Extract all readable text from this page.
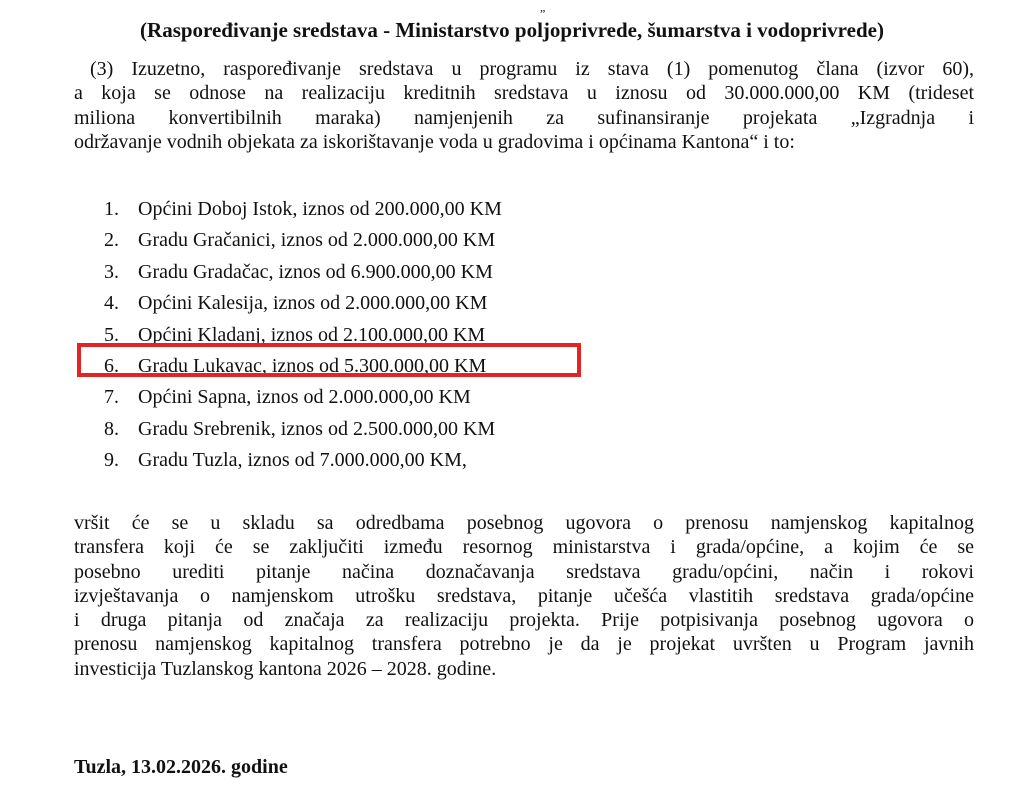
„
(Raspoređivanje sredstava - Ministarstvo poljoprivrede, šumarstva i vodoprivrede)
(3) Izuzetno, raspoređivanje sredstava u programu iz stava (1) pomenutog člana (izvor 60),
a koja se odnose na realizaciju kreditnih sredstava u iznosu od 30.000.000,00 KM (trideset
miliona konvertibilnih maraka) namjenjenih za sufinansiranje projekata „Izgradnja i
održavanje vodnih objekata za iskorištavanje voda u gradovima i općinama Kantona“ i to:
1. Općini Doboj Istok, iznos od 200.000,00 KM
2. Gradu Gračanici, iznos od 2.000.000,00 KM
3. Gradu Gradačac, iznos od 6.900.000,00 KM
4. Općini Kalesija, iznos od 2.000.000,00 KM
5. Općini Kladanj, iznos od 2.100.000,00 KM
6. Gradu Lukavac, iznos od 5.300.000,00 KM
7. Općini Sapna, iznos od 2.000.000,00 KM
8. Gradu Srebrenik, iznos od 2.500.000,00 KM
9. Gradu Tuzla, iznos od 7.000.000,00 KM,
vršit će se u skladu sa odredbama posebnog ugovora o prenosu namjenskog kapitalnog
transfera koji će se zaključiti između resornog ministarstva i grada/općine, a kojim će se
posebno urediti pitanje načina doznačavanja sredstava gradu/općini, način i rokovi
izvještavanja o namjenskom utrošku sredstava, pitanje učešća vlastitih sredstava grada/općine
i druga pitanja od značaja za realizaciju projekta. Prije potpisivanja posebnog ugovora o
prenosu namjenskog kapitalnog transfera potrebno je da je projekat uvršten u Program javnih
investicija Tuzlanskog kantona 2026 – 2028. godine.
Tuzla, 13.02.2026. godine
